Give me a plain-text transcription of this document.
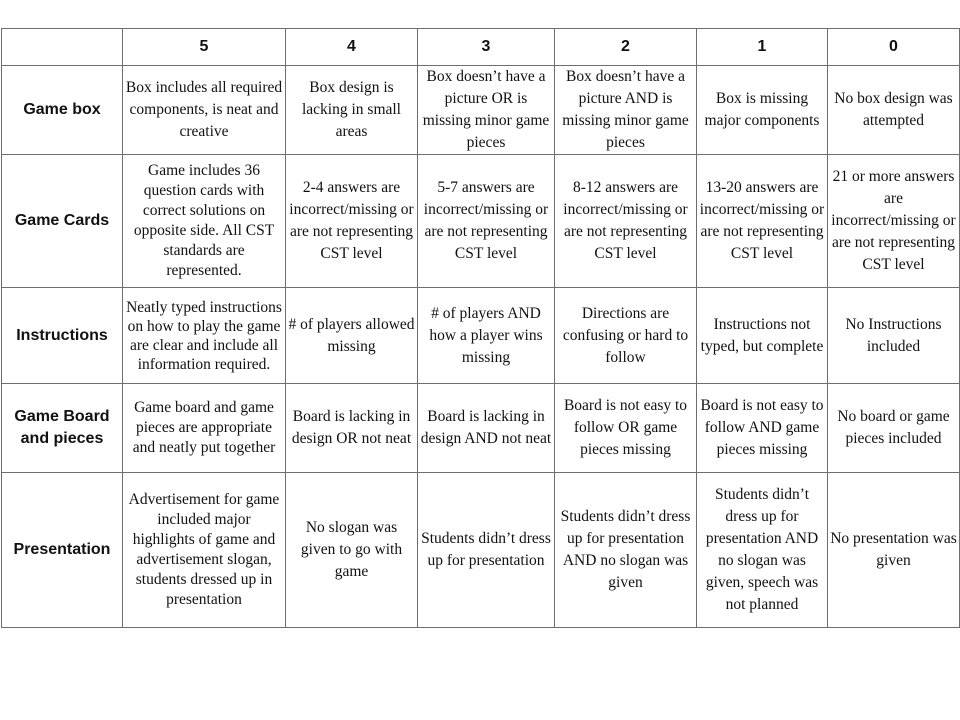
	5	4	3	2	1	0
Game box	Box includes all required components, is neat and creative	Box design is lacking in small areas	Box doesn’t have a picture OR is missing minor game pieces	Box doesn’t have a picture AND is missing minor game pieces	Box is missing major components	No box design was attempted
Game Cards	Game includes 36 question cards with correct solutions on opposite side. All CST standards are represented.	2-4 answers are incorrect/missing or are not representing CST level	5-7 answers are incorrect/missing or are not representing CST level	8-12 answers are incorrect/missing or are not representing CST level	13-20 answers are incorrect/missing or are not representing CST level	21 or more answers are incorrect/missing or are not representing CST level
Instructions	Neatly typed instructions on how to play the game are clear and include all information required.	# of players allowed missing	# of players AND how a player wins missing	Directions are confusing or hard to follow	Instructions not typed, but complete	No Instructions included
Game Board and pieces	Game board and game pieces are appropriate and neatly put together	Board is lacking in design OR not neat	Board is lacking in design AND not neat	Board is not easy to follow OR game pieces missing	Board is not easy to follow AND game pieces missing	No board or game pieces included
Presentation	Advertisement for game included major highlights of game and advertisement slogan, students dressed up in presentation	No slogan was given to go with game	Students didn’t dress up for presentation	Students didn’t dress up for presentation AND no slogan was given	Students didn’t dress up for presentation AND no slogan was given, speech was not planned	No presentation was given
